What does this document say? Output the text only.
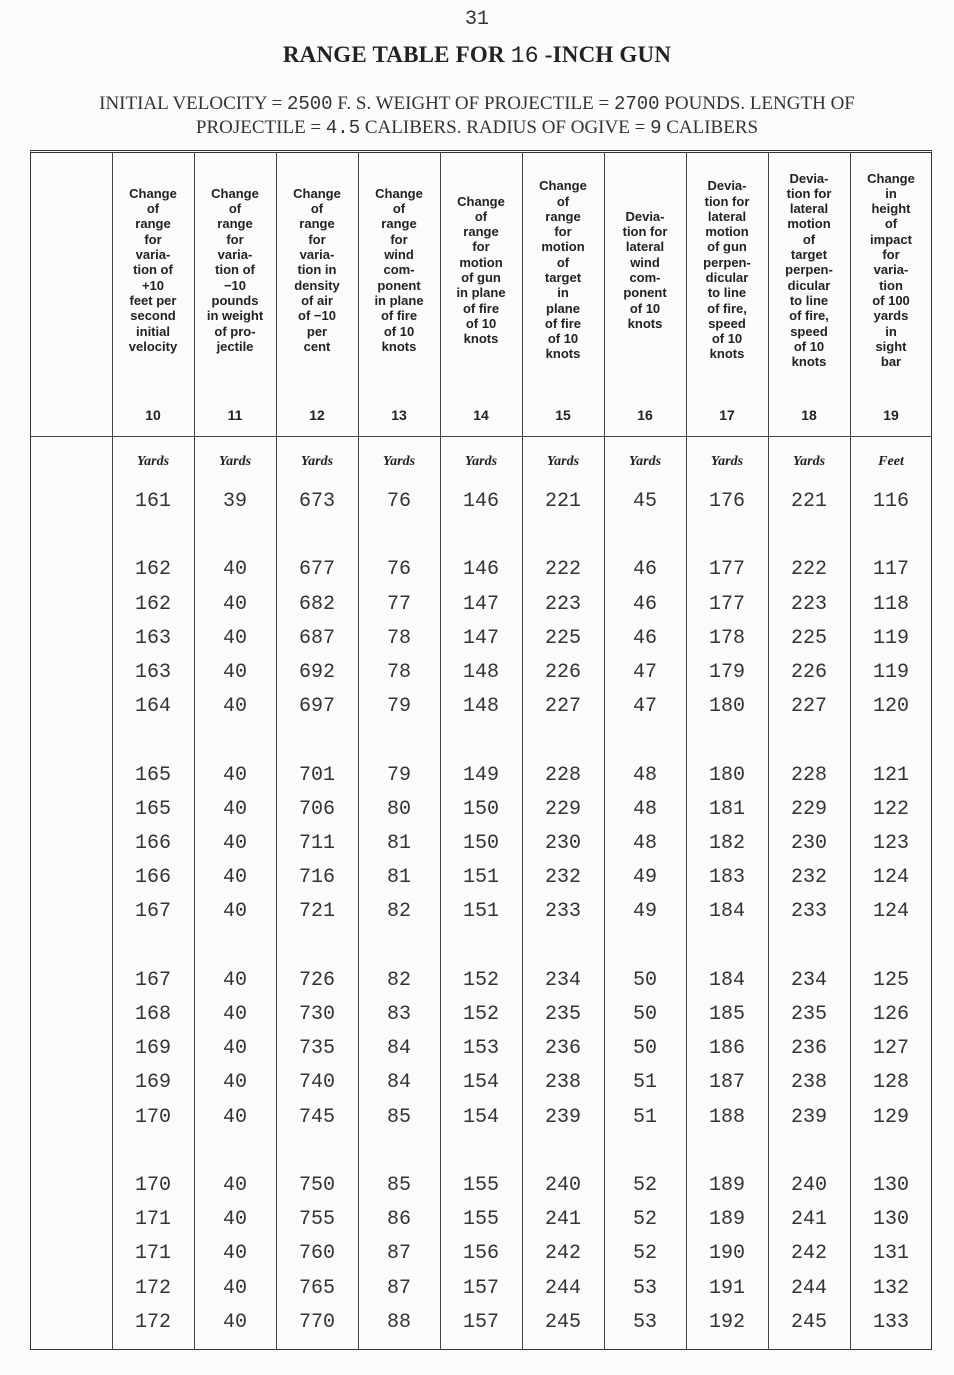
31
RANGE TABLE FOR 16 -INCH GUN
INITIAL VELOCITY = 2500 F. S. WEIGHT OF PROJECTILE = 2700 POUNDS. LENGTH OF
PROJECTILE = 4.5 CALIBERS. RADIUS OF OGIVE = 9 CALIBERS
Change
of
range
for
varia-
tion of
+10
feet per
second
initial
velocity
10
Yards
Change
of
range
for
varia-
tion of
−10
pounds
in weight
of pro-
jectile
11
Yards
Change
of
range
for
varia-
tion in
density
of air
of −10
per
cent
12
Yards
Change
of
range
for
wind
com-
ponent
in plane
of fire
of 10
knots
13
Yards
Change
of
range
for
motion
of gun
in plane
of fire
of 10
knots
14
Yards
Change
of
range
for
motion
of
target
in
plane
of fire
of 10
knots
15
Yards
Devia-
tion for
lateral
wind
com-
ponent
of 10
knots
16
Yards
Devia-
tion for
lateral
motion
of gun
perpen-
dicular
to line
of fire,
speed
of 10
knots
17
Yards
Devia-
tion for
lateral
motion
of
target
perpen-
dicular
to line
of fire,
speed
of 10
knots
18
Yards
Change
in
height
of
impact
for
varia-
tion
of 100
yards
in
sight
bar
19
Feet
161	39	673	76	146	221	45	176	221	116
162	40	677	76	146	222	46	177	222	117
162	40	682	77	147	223	46	177	223	118
163	40	687	78	147	225	46	178	225	119
163	40	692	78	148	226	47	179	226	119
164	40	697	79	148	227	47	180	227	120
165	40	701	79	149	228	48	180	228	121
165	40	706	80	150	229	48	181	229	122
166	40	711	81	150	230	48	182	230	123
166	40	716	81	151	232	49	183	232	124
167	40	721	82	151	233	49	184	233	124
167	40	726	82	152	234	50	184	234	125
168	40	730	83	152	235	50	185	235	126
169	40	735	84	153	236	50	186	236	127
169	40	740	84	154	238	51	187	238	128
170	40	745	85	154	239	51	188	239	129
170	40	750	85	155	240	52	189	240	130
171	40	755	86	155	241	52	189	241	130
171	40	760	87	156	242	52	190	242	131
172	40	765	87	157	244	53	191	244	132
172	40	770	88	157	245	53	192	245	133
